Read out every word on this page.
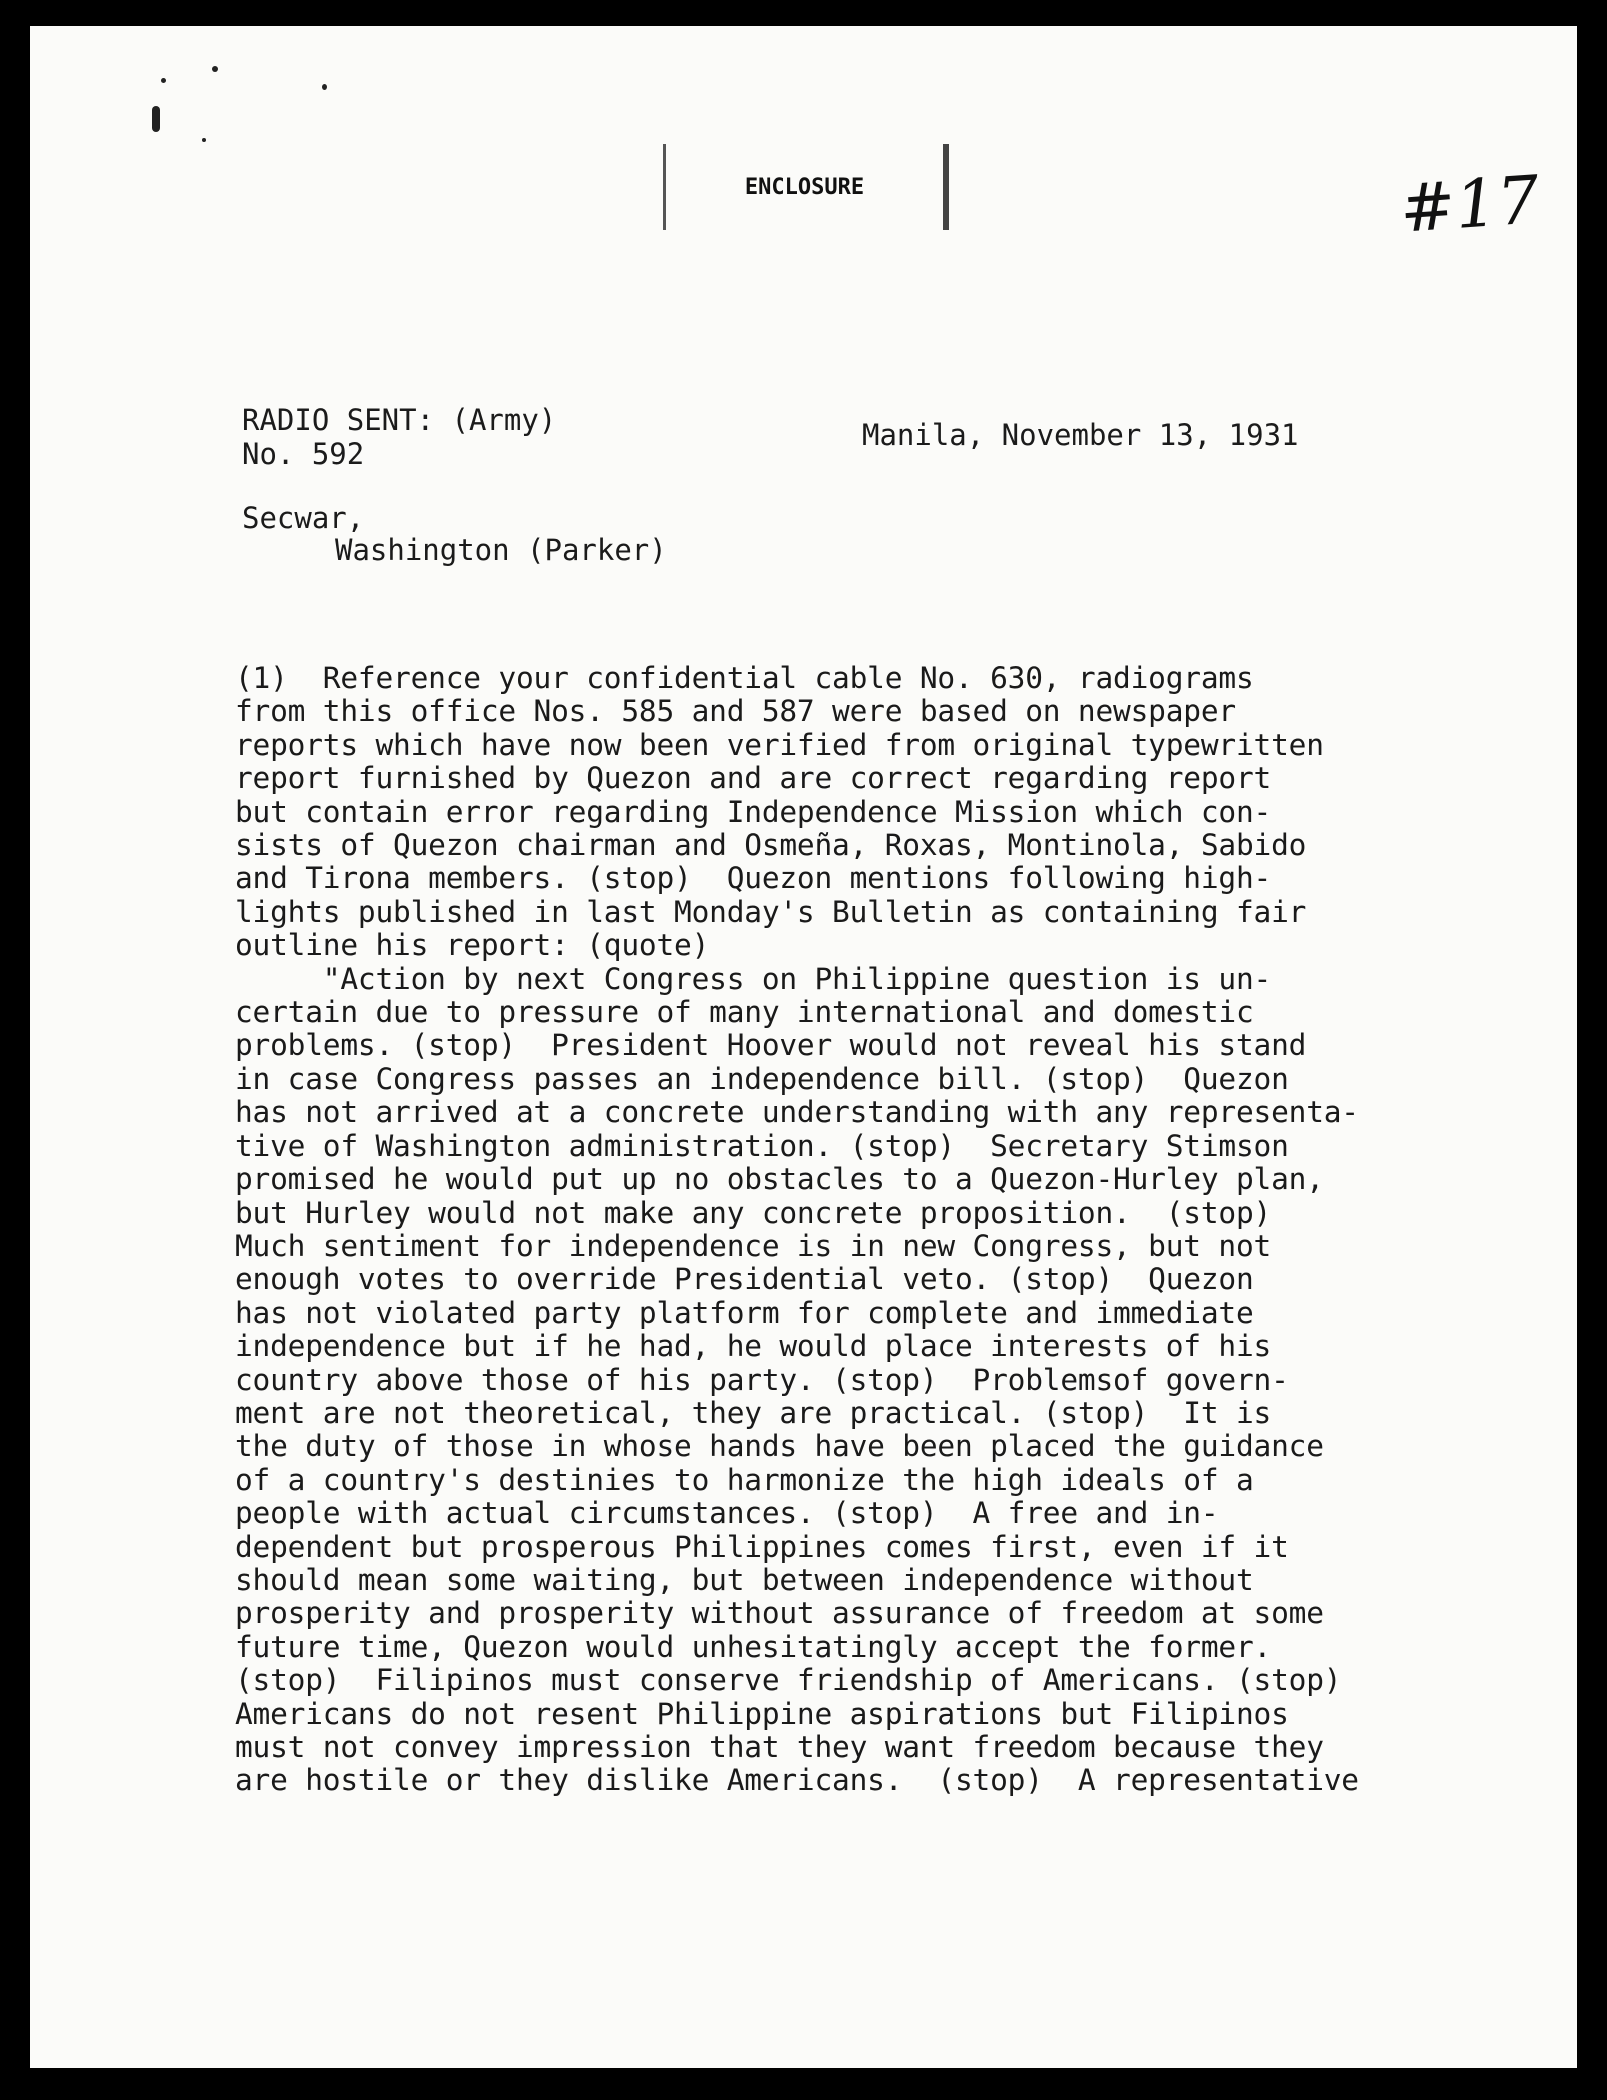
ENCLOSURE	#17
RADIO SENT: (Army)
No. 592
Manila, November 13, 1931
Secwar,
Washington (Parker)

(1)  Reference your confidential cable No. 630, radiograms

from this office Nos. 585 and 587 were based on newspaper

reports which have now been verified from original typewritten

report furnished by Quezon and are correct regarding report

but contain error regarding Independence Mission which con-

sists of Quezon chairman and Osmeña, Roxas, Montinola, Sabido

and Tirona members. (stop)  Quezon mentions following high-

lights published in last Monday's Bulletin as containing fair

outline his report: (quote)

"Action by next Congress on Philippine question is un-

certain due to pressure of many international and domestic

problems. (stop)  President Hoover would not reveal his stand

in case Congress passes an independence bill. (stop)  Quezon

has not arrived at a concrete understanding with any representa-

tive of Washington administration. (stop)  Secretary Stimson

promised he would put up no obstacles to a Quezon-Hurley plan,

but Hurley would not make any concrete proposition.  (stop)

Much sentiment for independence is in new Congress, but not

enough votes to override Presidential veto. (stop)  Quezon

has not violated party platform for complete and immediate

independence but if he had, he would place interests of his

country above those of his party. (stop)  Problemsof govern-

ment are not theoretical, they are practical. (stop)  It is

the duty of those in whose hands have been placed the guidance

of a country's destinies to harmonize the high ideals of a

people with actual circumstances. (stop)  A free and in-

dependent but prosperous Philippines comes first, even if it

should mean some waiting, but between independence without

prosperity and prosperity without assurance of freedom at some

future time, Quezon would unhesitatingly accept the former.

(stop)  Filipinos must conserve friendship of Americans. (stop)

Americans do not resent Philippine aspirations but Filipinos

must not convey impression that they want freedom because they

are hostile or they dislike Americans.  (stop)  A representative
